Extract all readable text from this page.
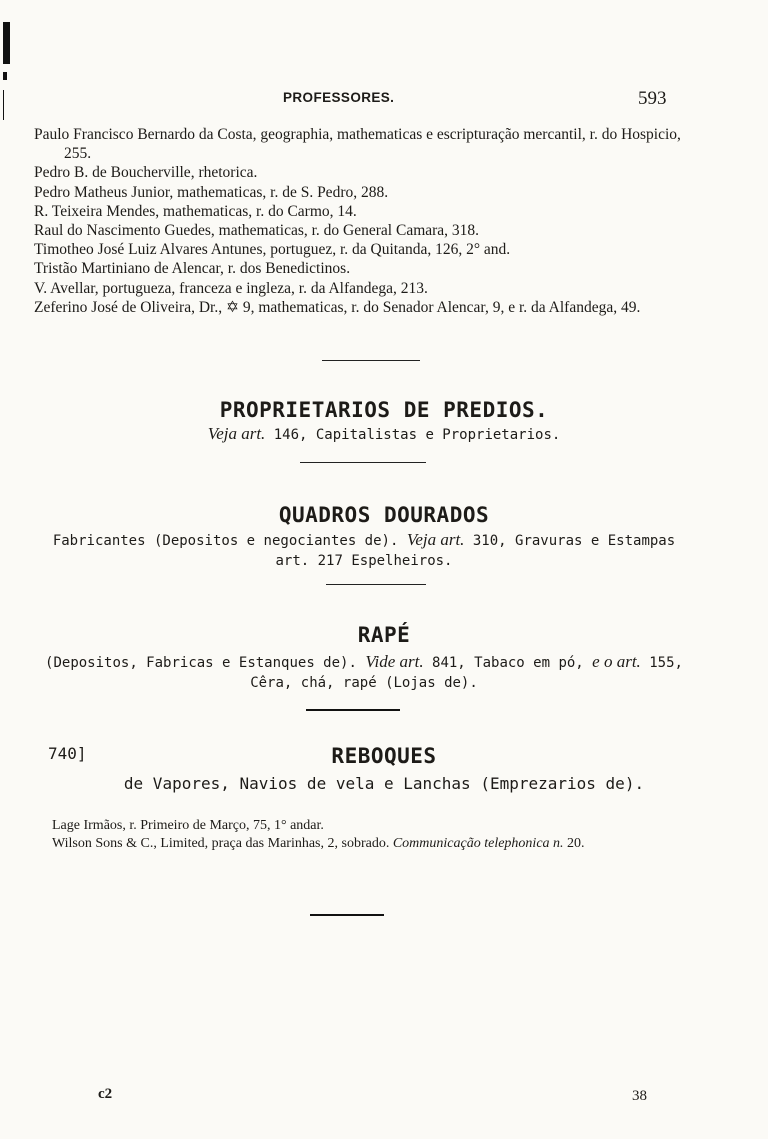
PROFESSORES.	593
Paulo Francisco Bernardo da Costa, geographia, mathematicas e escripturação mercantil, r. do Hospicio, 255.
Pedro B. de Boucherville, rhetorica.
Pedro Matheus Junior, mathematicas, r. de S. Pedro, 288.
R. Teixeira Mendes, mathematicas, r. do Carmo, 14.
Raul do Nascimento Guedes, mathematicas, r. do General Camara, 318.
Timotheo José Luiz Alvares Antunes, portuguez, r. da Quitanda, 126, 2° and.
Tristão Martiniano de Alencar, r. dos Benedictinos.
V. Avellar, portugueza, franceza e ingleza, r. da Alfandega, 213.
Zeferino José de Oliveira, Dr., ✡ 9, mathematicas, r. do Senador Alencar, 9, e r. da Alfandega, 49.
PROPRIETARIOS DE PREDIOS.
Veja art. 146, Capitalistas e Proprietarios.
QUADROS DOURADOS
Fabricantes (Depositos e negociantes de). Veja art. 310, Gravuras e Estampas art. 217 Espelheiros.
RAPÉ
(Depositos, Fabricas e Estanques de). Vide art. 841, Tabaco em pó, e o art. 155, Cêra, chá, rapé (Lojas de).
740]	REBOQUES
de Vapores, Navios de vela e Lanchas (Emprezarios de).
Lage Irmãos, r. Primeiro de Março, 75, 1° andar.
Wilson Sons & C., Limited, praça das Marinhas, 2, sobrado. Communicação telephonica n. 20.
c2	38
